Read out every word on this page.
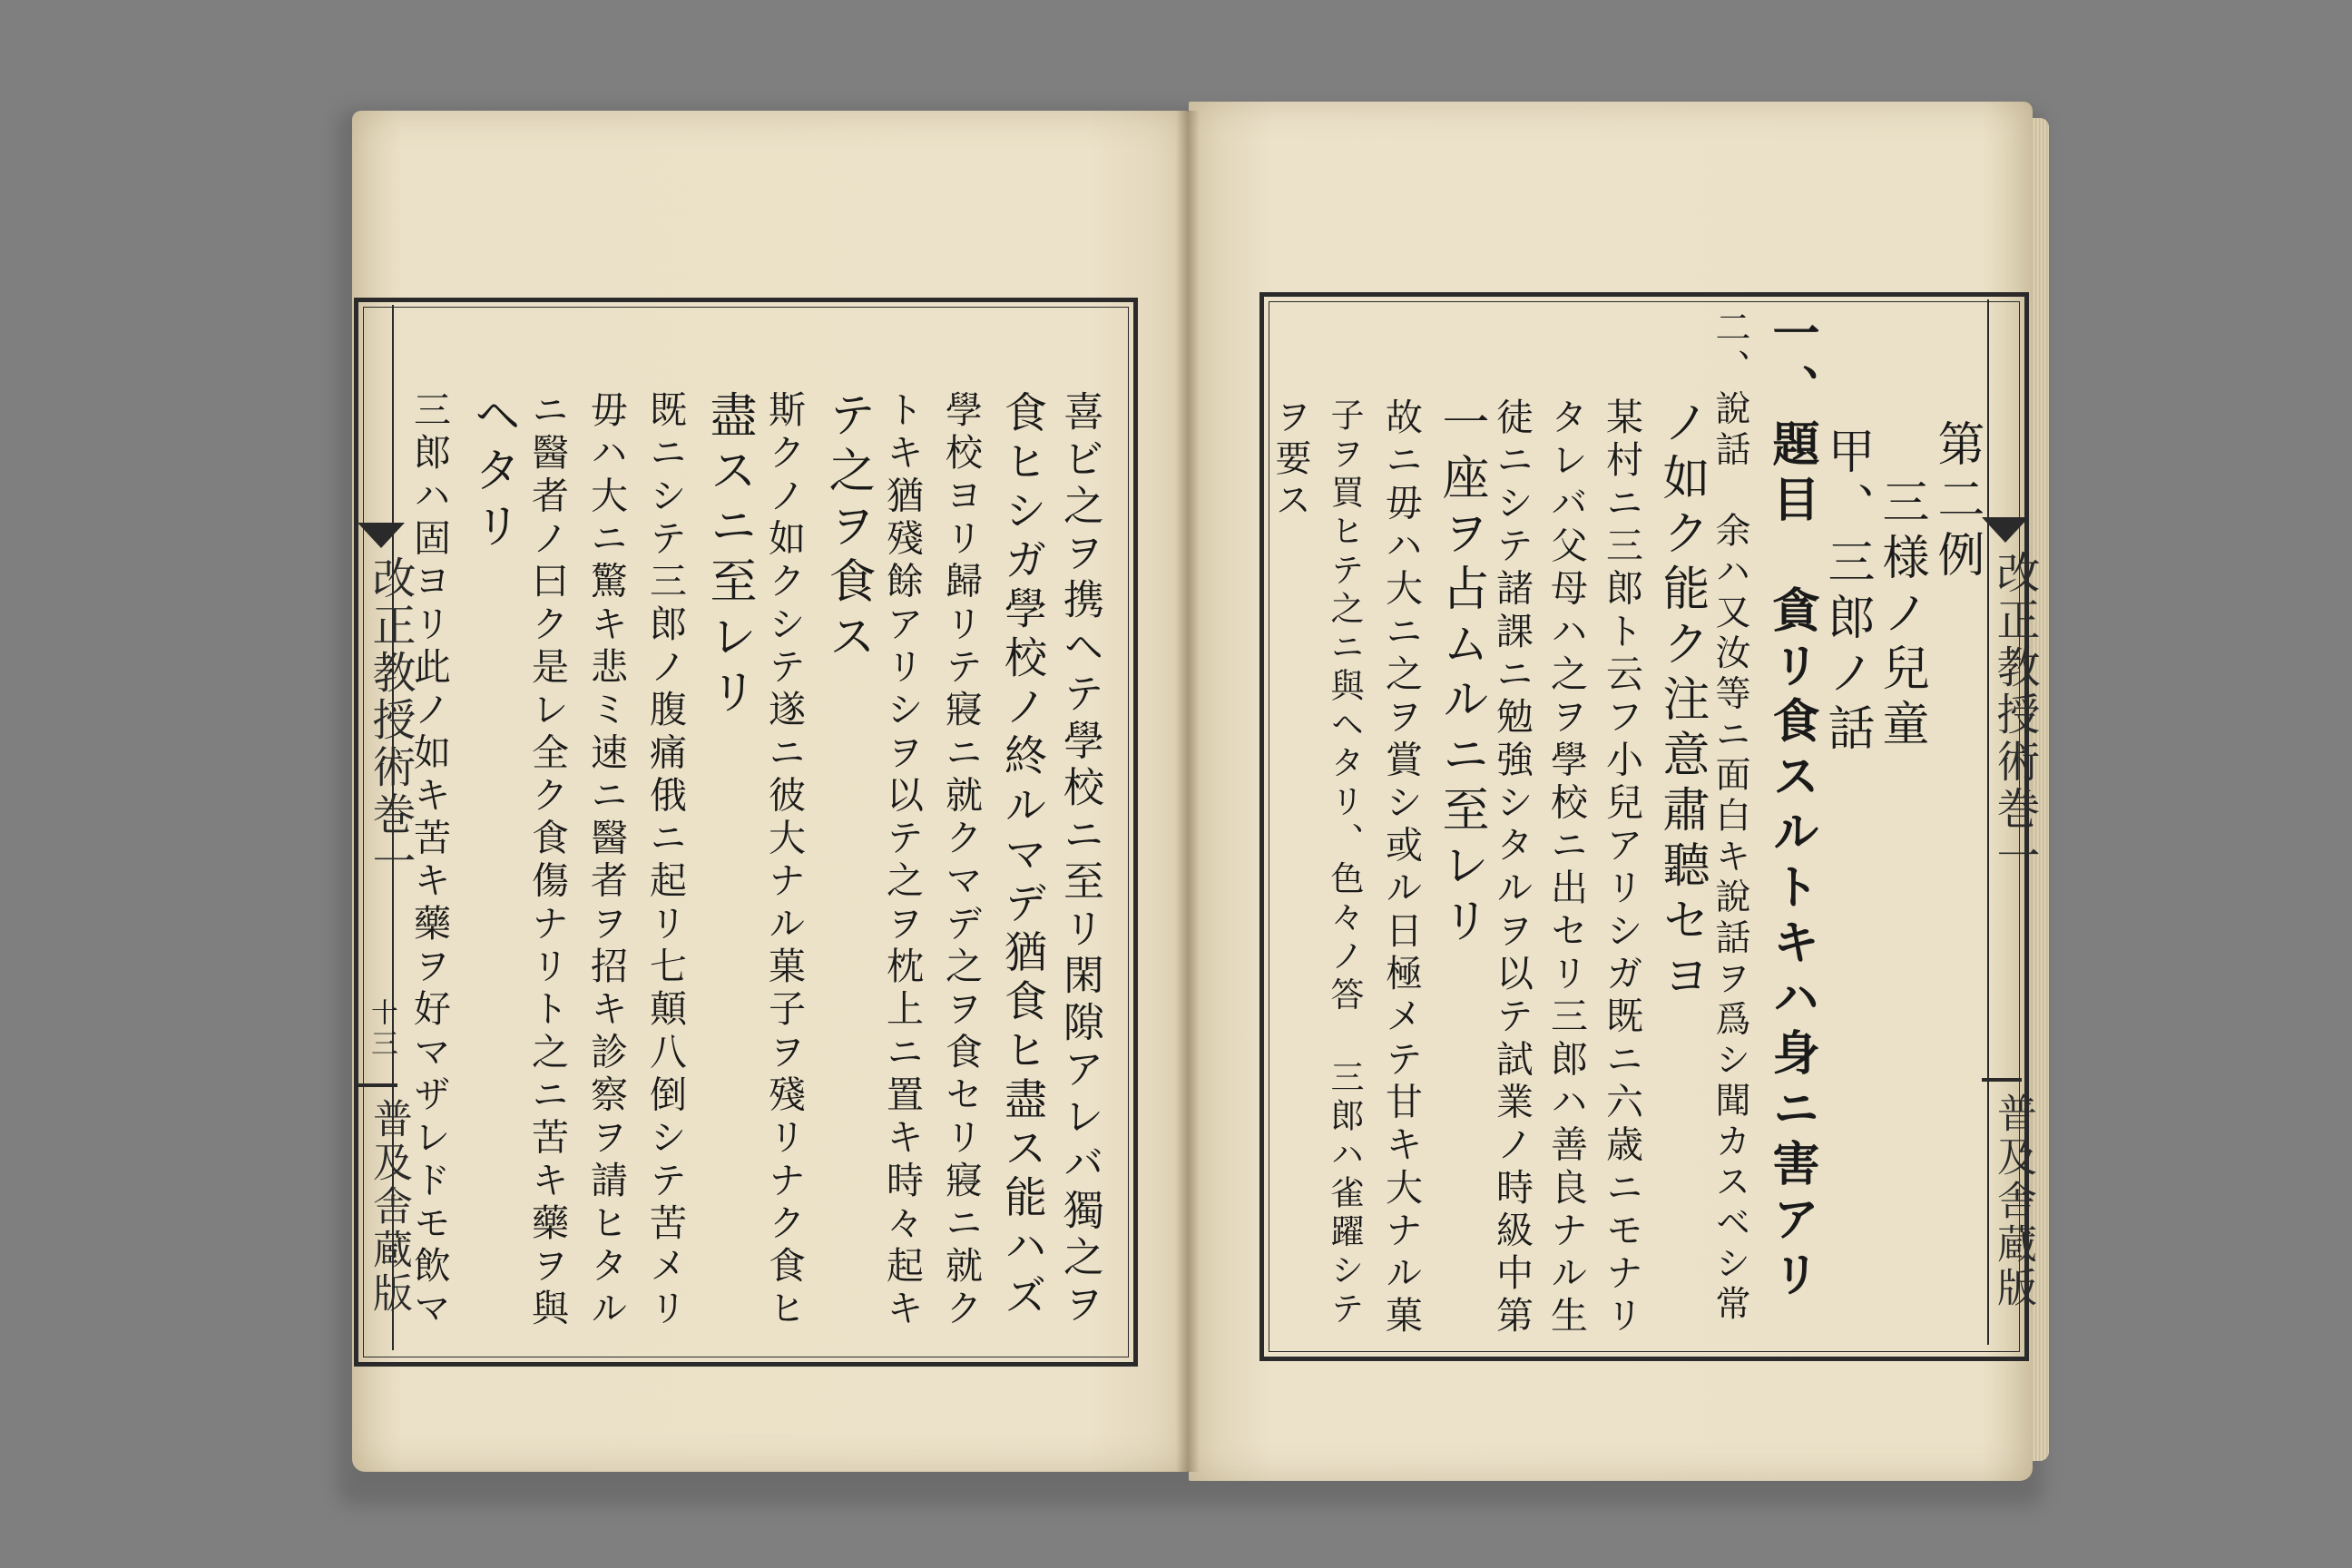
改正教授術巻一
十三
普及舎蔵版	喜ビ之ヲ携ヘテ學校ニ至リ閑隙アレバ獨之ヲ
食ヒシガ學校ノ終ルマデ猶食ヒ盡ス能ハズ
學校ヨリ歸リテ寢ニ就クマデ之ヲ食セリ寢ニ就ク
トキ猶殘餘アリシヲ以テ之ヲ枕上ニ置キ時々起キ
テ之ヲ食ス
斯クノ如クシテ遂ニ彼大ナル菓子ヲ殘リナク食ヒ
盡スニ至レリ
既ニシテ三郎ノ腹痛俄ニ起リ七顛八倒シテ苦メリ
毋ハ大ニ驚キ悲ミ速ニ醫者ヲ招キ診察ヲ請ヒタル
ニ醫者ノ曰ク是レ全ク食傷ナリト之ニ苦キ藥ヲ與
ヘタリ
三郎ハ固ヨリ此ノ如キ苦キ藥ヲ好マザレドモ飲マ	改正教授術巻一
普及舎蔵版
第二例
三様ノ兒童
甲、三郎ノ話
一、題目　貪リ食スルトキハ身ニ害アリ
二、說話　余ハ又汝等ニ面白キ說話ヲ爲シ聞カスベシ常
ノ如ク能ク注意肅聽セヨ
某村ニ三郎ト云フ小兒アリシガ既ニ六歳ニモナリ
タレバ父母ハ之ヲ學校ニ出セリ三郎ハ善良ナル生
徒ニシテ諸課ニ勉強シタルヲ以テ試業ノ時級中第
一座ヲ占ムルニ至レリ
故ニ毋ハ大ニ之ヲ賞シ或ル日極メテ甘キ大ナル菓
子ヲ買ヒテ之ニ與ヘタリ、色々ノ答 三郎ハ雀躍シテ
ヲ要ス
